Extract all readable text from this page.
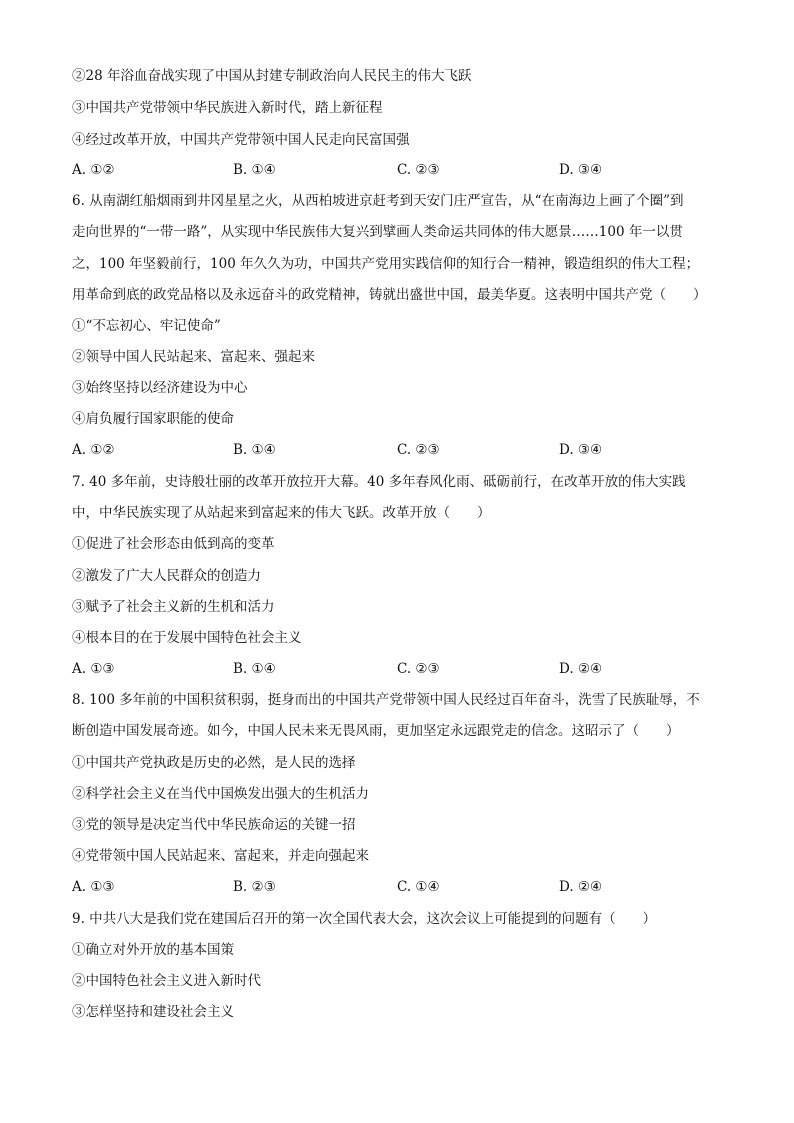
②28 年浴血奋战实现了中国从封建专制政治向人民民主的伟大飞跃
③中国共产党带领中华民族进入新时代，踏上新征程
④经过改革开放，中国共产党带领中国人民走向民富国强
A. ①②	B. ①④	C. ②③	D. ③④
6. 从南湖红船烟雨到井冈星星之火，从西柏坡进京赶考到天安门庄严宣告，从“在南海边上画了个圈”到
走向世界的“一带一路”，从实现中华民族伟大复兴到擘画人类命运共同体的伟大愿景……100 年一以贯
之，100 年坚毅前行，100 年久久为功，中国共产党用实践信仰的知行合一精神，锻造组织的伟大工程；
用革命到底的政党品格以及永远奋斗的政党精神，铸就出盛世中国，最美华夏。这表明中国共产党（　　）
①“不忘初心、牢记使命”
②领导中国人民站起来、富起来、强起来
③始终坚持以经济建设为中心
④肩负履行国家职能的使命
A. ①②	B. ①④	C. ②③	D. ③④
7. 40 多年前，史诗般壮丽的改革开放拉开大幕。40 多年春风化雨、砥砺前行，在改革开放的伟大实践
中，中华民族实现了从站起来到富起来的伟大飞跃。改革开放（　　）
①促进了社会形态由低到高的变革
②激发了广大人民群众的创造力
③赋予了社会主义新的生机和活力
④根本目的在于发展中国特色社会主义
A. ①③	B. ①④	C. ②③	D. ②④
8. 100 多年前的中国积贫积弱，挺身而出的中国共产党带领中国人民经过百年奋斗，洗雪了民族耻辱，不
断创造中国发展奇迹。如今，中国人民未来无畏风雨，更加坚定永远跟党走的信念。这昭示了（　　）
①中国共产党执政是历史的必然，是人民的选择
②科学社会主义在当代中国焕发出强大的生机活力
③党的领导是决定当代中华民族命运的关键一招
④党带领中国人民站起来、富起来，并走向强起来
A. ①③	B. ②③	C. ①④	D. ②④
9. 中共八大是我们党在建国后召开的第一次全国代表大会，这次会议上可能提到的问题有（　　）
①确立对外开放的基本国策
②中国特色社会主义进入新时代
③怎样坚持和建设社会主义
